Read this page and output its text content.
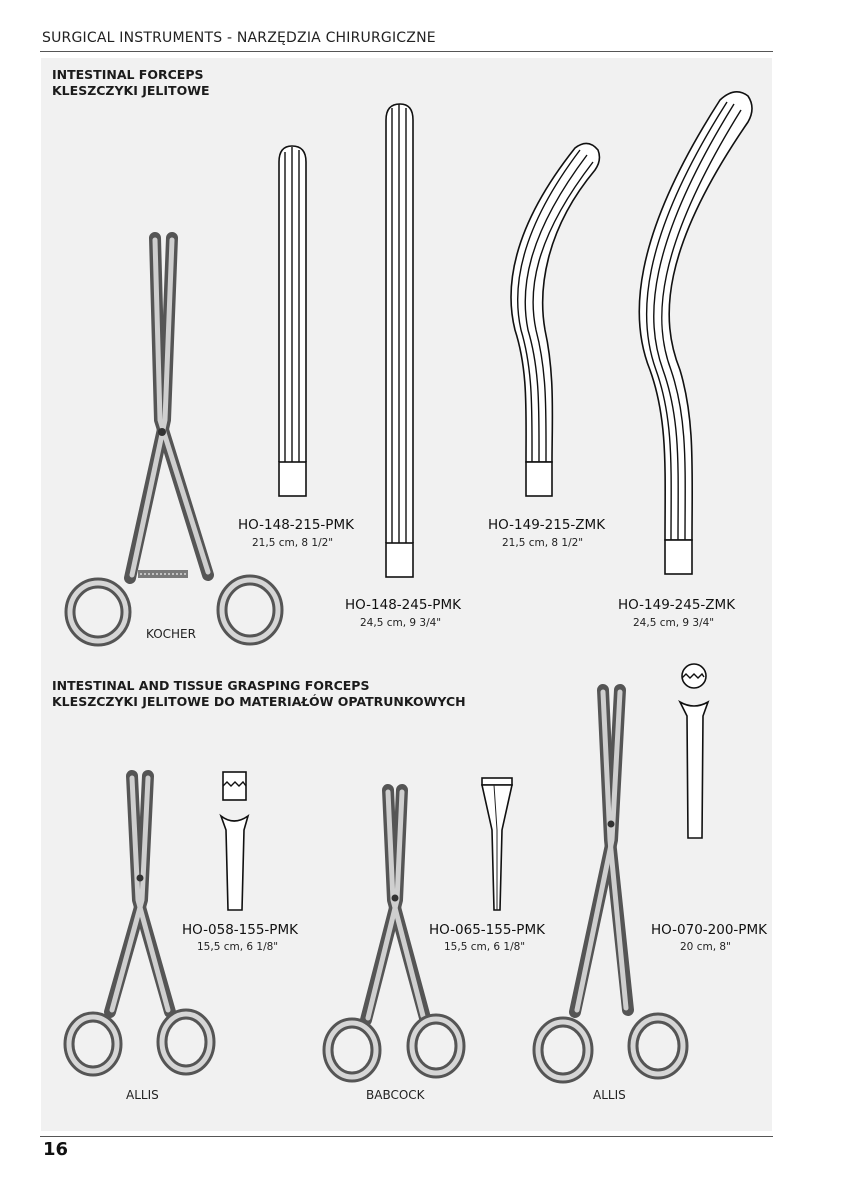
SURGICAL INSTRUMENTS - NARZĘDZIA CHIRURGICZNE
INTESTINAL FORCEPS
KLESZCZYKI JELITOWE
HO-148-215-PMK
21,5 cm, 8 1/2"
HO-148-245-PMK
24,5 cm, 9 3/4"
HO-149-215-ZMK
21,5 cm, 8 1/2"
HO-149-245-ZMK
24,5 cm, 9 3/4"
KOCHER
INTESTINAL AND TISSUE GRASPING FORCEPS
KLESZCZYKI JELITOWE DO MATERIAŁÓW OPATRUNKOWYCH
HO-058-155-PMK
15,5 cm, 6 1/8"
ALLIS
HO-065-155-PMK
15,5 cm, 6 1/8"
BABCOCK
HO-070-200-PMK
20 cm, 8"
ALLIS
16
